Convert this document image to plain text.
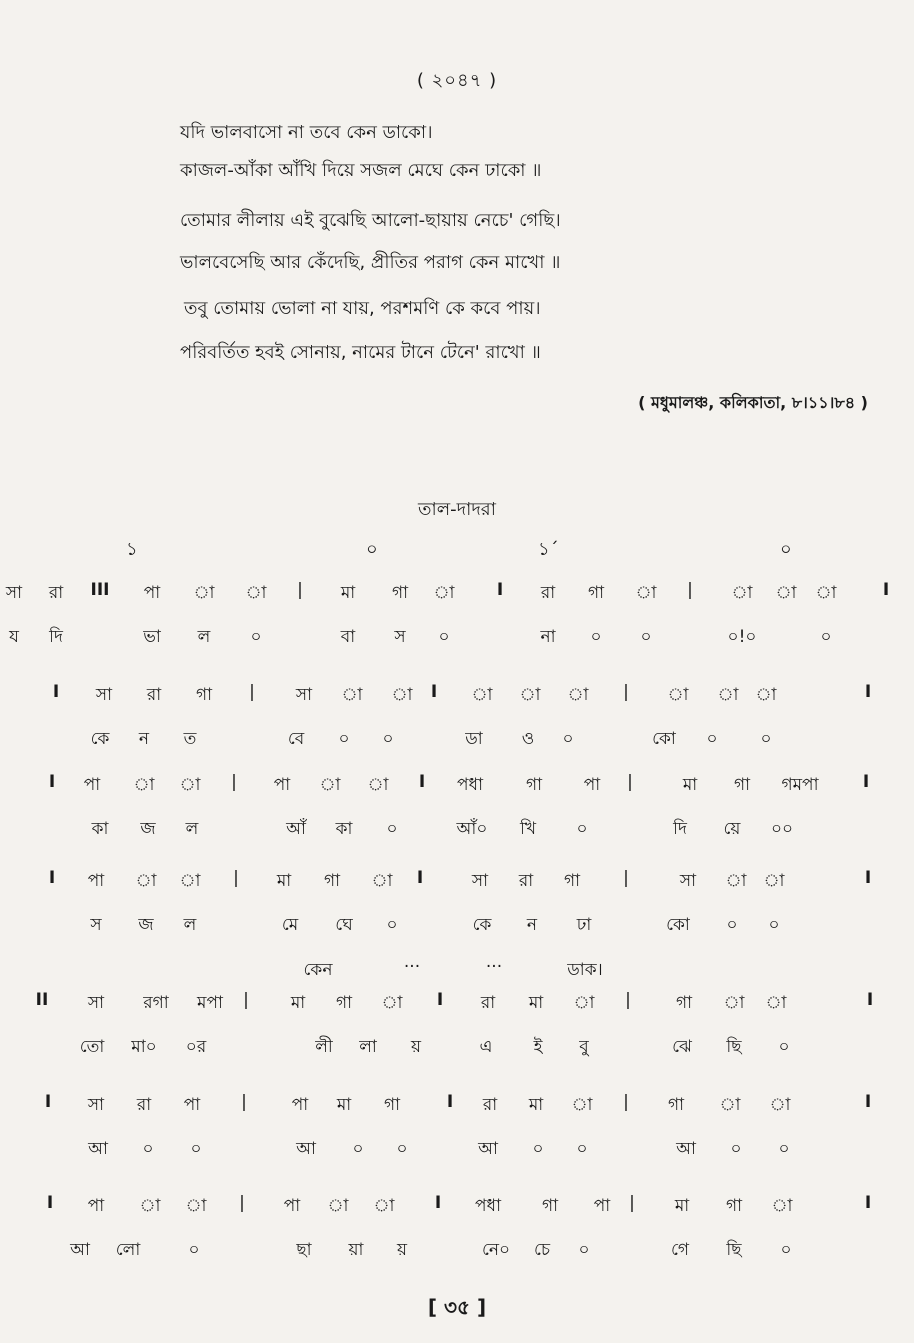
( ২০৪৭ )
যদি ভালবাসো না তবে কেন ডাকো।
কাজল-আঁকা আঁখি দিয়ে সজল মেঘে কেন ঢাকো ॥
তোমার লীলায় এই বুঝেছি আলো-ছায়ায় নেচে' গেছি।
ভালবেসেছি আর কেঁদেছি, প্রীতির পরাগ কেন মাখো ॥
তবু তোমায় ভোলা না যায়, পরশমণি কে কবে পায়।
পরিবর্তিত হবই সোনায়, নামের টানে টেনে' রাখো ॥
( মধুমালঞ্চ, কলিকাতা, ৮।১১।৮৪ )
তাল-দাদরা
১	০	১´	০
সা রা III পা া া | মা গা া I রা গা া | া া া	I
য দি	ভা ল ০	বা স ০	না ০ ০	০!০	০
I সা রা গা | সা া া I া া া | া া া	I
কে ন ত	বে ০ ০	ডা ও ০	কো ০	০
I পা া া | পা া া I পধা	গা পা |	মা গা গমপা	I
কা জ ল	আঁ কা ০	আঁ০ খি ০	দি য়ে ০০
I পা া া | মা গা া I	সা রা গা	|	সা া া	I
স জ ল	মে ঘে ০	কে ন ঢা	কো ০ ০
II সা রগা মপা | মা গা া I রা মা া |	গা া া	I
তো মা০ ০র	লী লা য়	এ ই বু	ঝে ছি ০
I সা রা পা |	পা মা গা	I রা মা া | গা া া	I
আ ০ ০	আ ০ ০	আ ০ ০	আ ০ ০
I পা া া | পা া া I পধা গা পা | মা গা া	I
আ লো	০	ছা য়া য়	নে০ চে ০	গে ছি ০
কেন	···	···	ডাক।
[ ৩৫ ]
